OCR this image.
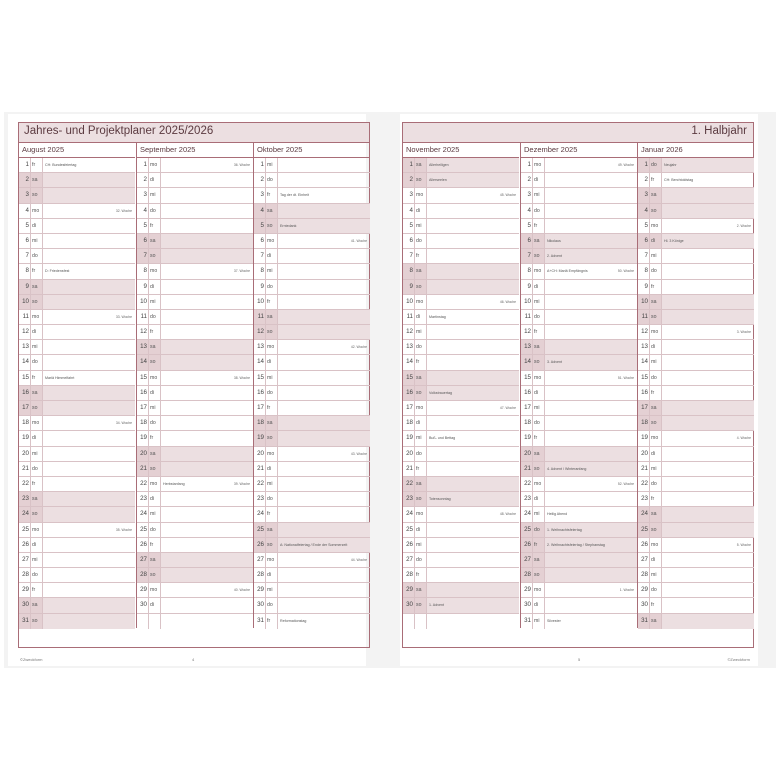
Jahres- und Projektplaner 2025/2026
August 2025
1 fr	CH: Bundesfeiertag
2 sa
3 so
4 mo	32. Woche
5 di
6 mi
7 do
8 fr	D: Friedensfest
9 sa
10 so
11 mo	33. Woche
12 di
13 mi
14 do
15 fr	Mariä Himmelfahrt
16 sa
17 so
18 mo	34. Woche
19 di
20 mi
21 do
22 fr
23 sa
24 so
25 mo	35. Woche
26 di
27 mi
28 do
29 fr
30 sa
31 so
September 2025
1 mo	36. Woche
2 di
3 mi
4 do
5 fr
6 sa
7 so
8 mo	37. Woche
9 di
10 mi
11 do
12 fr
13 sa
14 so
15 mo	38. Woche
16 di
17 mi
18 do
19 fr
20 sa
21 so
22 mo	Herbstanfang	39. Woche
23 di
24 mi
25 do
26 fr
27 sa
28 so
29 mo	40. Woche
30 di
Oktober 2025
1 mi
2 do
3 fr	Tag der dt. Einheit
4 sa
5 so	Erntedank
6 mo	41. Woche
7 di
8 mi
9 do
10 fr
11 sa
12 so
13 mo	42. Woche
14 di
15 mi
16 do
17 fr
18 sa
19 so
20 mo	43. Woche
21 di
22 mi
23 do
24 fr
25 sa
26 so	A: Nationalfeiertag / Ende der Sommerzeit
27 mo	44. Woche
28 di
29 mi
30 do
31 fr	Reformationstag
©Zweckform	4
1. Halbjahr
November 2025
1 sa	Allerheiligen
2 so	Allerseelen
3 mo	45. Woche
4 di
5 mi
6 do
7 fr
8 sa
9 so
10 mo	46. Woche
11 di	Martinstag
12 mi
13 do
14 fr
15 sa
16 so	Volkstrauertag
17 mo	47. Woche
18 di
19 mi	Buß- und Bettag
20 do
21 fr
22 sa
23 so	Totensonntag
24 mo	48. Woche
25 di
26 mi
27 do
28 fr
29 sa
30 so	1. Advent
Dezember 2025
1 mo	49. Woche
2 di
3 mi
4 do
5 fr
6 sa	Nikolaus
7 so	2. Advent
8 mo	A+CH: Mariä Empfängnis	50. Woche
9 di
10 mi
11 do
12 fr
13 sa
14 so	3. Advent
15 mo	51. Woche
16 di
17 mi
18 do
19 fr
20 sa
21 so	4. Advent / Winteranfang
22 mo	52. Woche
23 di
24 mi	Heilig Abend
25 do	1. Weihnachtsfeiertag
26 fr	2. Weihnachtsfeiertag / Stephanstag
27 sa
28 so
29 mo	1. Woche
30 di
31 mi	Silvester
Januar 2026
1 do	Neujahr
2 fr	CH: Berchtoldstag
3 sa
4 so
5 mo	2. Woche
6 di	Hl. 3 Könige
7 mi
8 do
9 fr
10 sa
11 so
12 mo	3. Woche
13 di
14 mi
15 do
16 fr
17 sa
18 so
19 mo	4. Woche
20 di
21 mi
22 do
23 fr
24 sa
25 so
26 mo	5. Woche
27 di
28 mi
29 do
30 fr
31 sa
5	©Zweckform
